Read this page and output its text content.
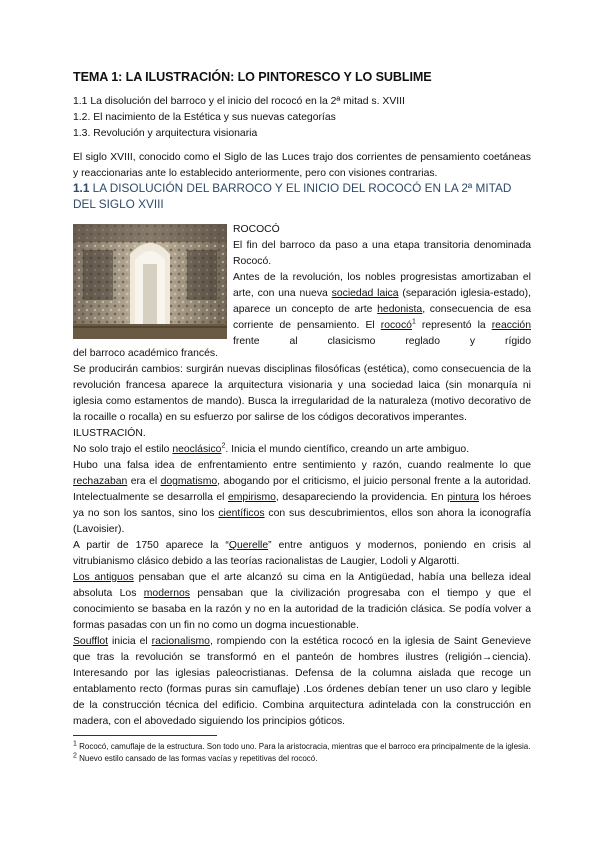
TEMA 1: LA ILUSTRACIÓN: LO PINTORESCO Y LO SUBLIME
1.1 La disolución del barroco y el inicio del rococó en la 2ª mitad s. XVIII
1.2. El nacimiento de la Estética y sus nuevas categorías
1.3. Revolución y arquitectura visionaria

El siglo XVIII, conocido como el Siglo de las Luces trajo dos corrientes de pensamiento coetáneas y reaccionarias ante lo establecido anteriormente, pero con visiones contrarias.

1.1 LA DISOLUCIÓN DEL BARROCO Y EL INICIO DEL ROCOCÓ EN LA 2ª MITAD DEL SIGLO XVIII

ROCOCÓ

El fin del barroco da paso a una etapa transitoria denominada Rococó.

Antes de la revolución, los nobles progresistas amortizaban el arte, con una nueva sociedad laica (separación iglesia-estado), aparece un concepto de arte hedonista, consecuencia de esa corriente de pensamiento. El rococó$^1$ representó la reacción frente al clasicismo reglado y rígido

del barroco académico francés.

Se producirán cambios: surgirán nuevas disciplinas filosóficas (estética), como consecuencia de la revolución francesa aparece la arquitectura visionaria y una sociedad laica (sin monarquía ni iglesia como estamentos de mando). Busca la irregularidad de la naturaleza (motivo decorativo de la rocaille o rocalla) en su esfuerzo por salirse de los códigos decorativos imperantes.

ILUSTRACIÓN.

No solo trajo el estilo neoclásico$^2$. Inicia el mundo científico, creando un arte ambiguo.

Hubo una falsa idea de enfrentamiento entre sentimiento y razón, cuando realmente lo que rechazaban era el dogmatismo, abogando por el criticismo, el juicio personal frente a la autoridad. Intelectualmente se desarrolla el empirismo, desapareciendo la providencia. En pintura los héroes ya no son los santos, sino los científicos con sus descubrimientos, ellos son ahora la iconografía (Lavoisier).

A partir de 1750 aparece la “Querelle” entre antiguos y modernos, poniendo en crisis al vitrubianismo clásico debido a las teorías racionalistas de Laugier, Lodoli y Algarotti.

Los antiguos pensaban que el arte alcanzó su cima en la Antigüedad, había una belleza ideal absoluta Los modernos pensaban que la civilización progresaba con el tiempo y que el conocimiento se basaba en la razón y no en la autoridad de la tradición clásica. Se podía volver a formas pasadas con un fin no como un dogma incuestionable.

Soufflot inicia el racionalismo, rompiendo con la estética rococó en la iglesia de Saint Genevieve que tras la revolución se transformó en el panteón de hombres ilustres (religión→ciencia). Interesando por las iglesias paleocristianas. Defensa de la columna aislada que recoge un entablamento recto (formas puras sin camuflaje) .Los órdenes debían tener un uso claro y legible de la construcción técnica del edificio. Combina arquitectura adintelada con la construcción en madera, con el abovedado siguiendo los principios góticos.

$^1$ Rococó, camuflaje de la estructura. Son todo uno. Para la aristocracia, mientras que el barroco era principalmente de la iglesia.
$^2$ Nuevo estilo cansado de las formas vacías y repetitivas del rococó.
